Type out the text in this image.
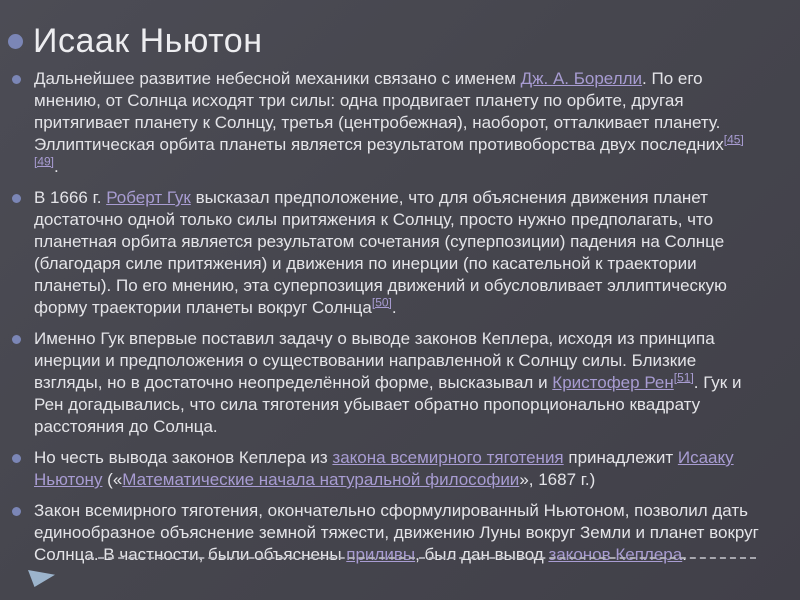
Исаак Ньютон

Дальнейшее развитие небесной механики связано с именем Дж. А. Борелли. По его мнению, от Солнца исходят три силы: одна продвигает планету по орбите, другая притягивает планету к Солнцу, третья (центробежная), наоборот, отталкивает планету. Эллиптическая орбита планеты является результатом противоборства двух последних[45][49].

В 1666 г. Роберт Гук высказал предположение, что для объяснения движения планет достаточно одной только силы притяжения к Солнцу, просто нужно предполагать, что планетная орбита является результатом сочетания (суперпозиции) падения на Солнце (благодаря силе притяжения) и движения по инерции (по касательной к траектории планеты). По его мнению, эта суперпозиция движений и обусловливает эллиптическую форму траектории планеты вокруг Солнца[50].

Именно Гук впервые поставил задачу о выводе законов Кеплера, исходя из принципа инерции и предположения о существовании направленной к Солнцу силы. Близкие взгляды, но в достаточно неопределённой форме, высказывал и Кристофер Рен[51]. Гук и Рен догадывались, что сила тяготения убывает обратно пропорционально квадрату расстояния до Солнца.

Но честь вывода законов Кеплера из закона всемирного тяготения принадлежит Исааку Ньютону («Математические начала натуральной философии», 1687 г.)

Закон всемирного тяготения, окончательно сформулированный Ньютоном, позволил дать единообразное объяснение земной тяжести, движению Луны вокруг Земли и планет вокруг Солнца. В частности, были объяснены приливы, был дан вывод законов Кеплера.
